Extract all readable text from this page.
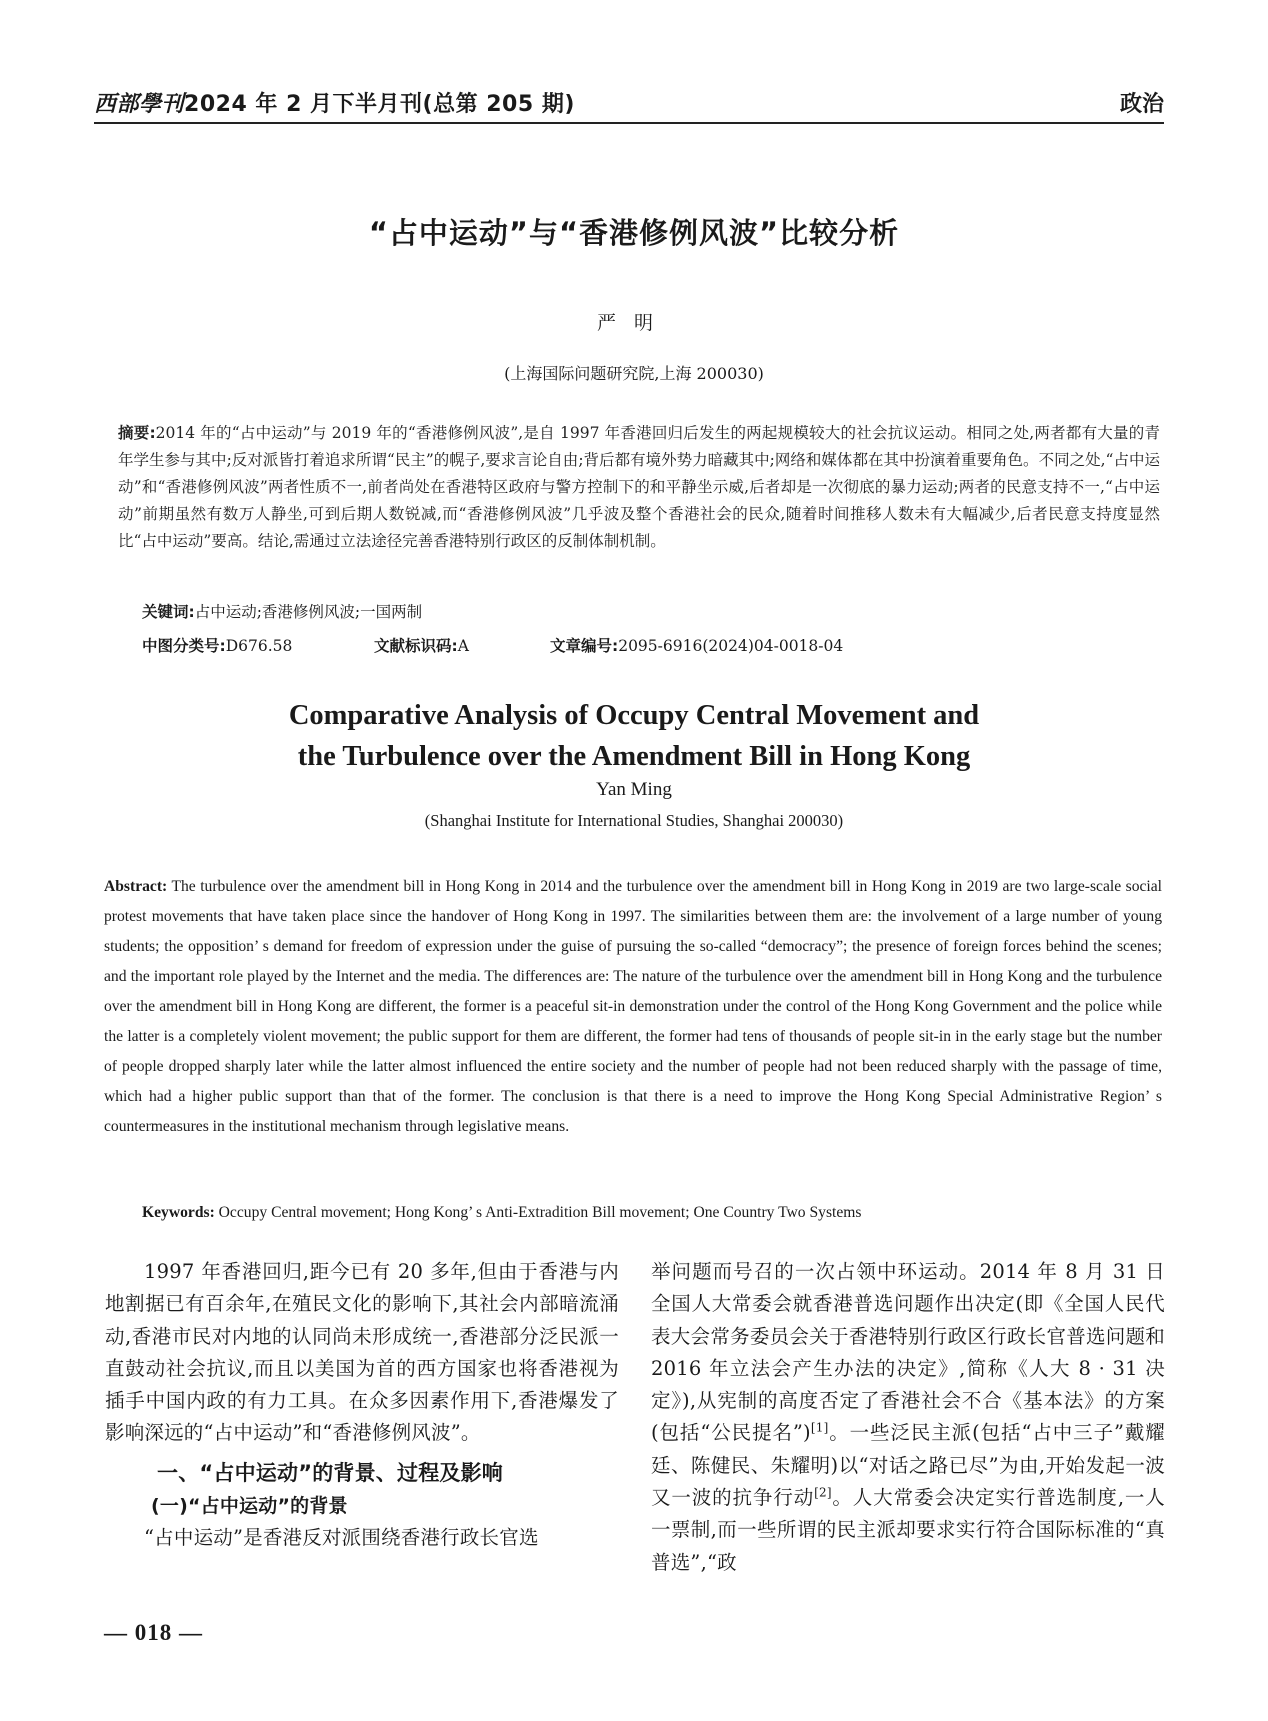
西部學刊2024 年 2 月下半月刊(总第 205 期)	政治
“占中运动”与“香港修例风波”比较分析
严明
(上海国际问题研究院,上海 200030)
摘要:2014 年的“占中运动”与 2019 年的“香港修例风波”,是自 1997 年香港回归后发生的两起规模较大的社会抗议运动。相同之处,两者都有大量的青年学生参与其中;反对派皆打着追求所谓“民主”的幌子,要求言论自由;背后都有境外势力暗藏其中;网络和媒体都在其中扮演着重要角色。不同之处,“占中运动”和“香港修例风波”两者性质不一,前者尚处在香港特区政府与警方控制下的和平静坐示威,后者却是一次彻底的暴力运动;两者的民意支持不一,“占中运动”前期虽然有数万人静坐,可到后期人数锐减,而“香港修例风波”几乎波及整个香港社会的民众,随着时间推移人数未有大幅减少,后者民意支持度显然比“占中运动”要高。结论,需通过立法途径完善香港特别行政区的反制体制机制。
关键词:占中运动;香港修例风波;一国两制
中图分类号:D676.58	文献标识码:A	文章编号:2095-6916(2024)04-0018-04
Comparative Analysis of Occupy Central Movement and
the Turbulence over the Amendment Bill in Hong Kong
Yan Ming
(Shanghai Institute for International Studies, Shanghai 200030)
Abstract: The turbulence over the amendment bill in Hong Kong in 2014 and the turbulence over the amendment bill in Hong Kong in 2019 are two large-scale social protest movements that have taken place since the handover of Hong Kong in 1997. The similarities between them are: the involvement of a large number of young students; the opposition’ s demand for freedom of expression under the guise of pursuing the so-called “democracy”; the presence of foreign forces behind the scenes; and the important role played by the Internet and the media. The differences are: The nature of the turbulence over the amendment bill in Hong Kong and the turbulence over the amendment bill in Hong Kong are different, the former is a peaceful sit-in demonstration under the control of the Hong Kong Government and the police while the latter is a completely violent movement; the public support for them are different, the former had tens of thousands of people sit-in in the early stage but the number of people dropped sharply later while the latter almost influenced the entire society and the number of people had not been reduced sharply with the passage of time, which had a higher public support than that of the former. The conclusion is that there is a need to improve the Hong Kong Special Administrative Region’ s countermeasures in the institutional mechanism through legislative means.
Keywords: Occupy Central movement; Hong Kong’ s Anti-Extradition Bill movement; One Country Two Systems

1997 年香港回归,距今已有 20 多年,但由于香港与内地割据已有百余年,在殖民文化的影响下,其社会内部暗流涌动,香港市民对内地的认同尚未形成统一,香港部分泛民派一直鼓动社会抗议,而且以美国为首的西方国家也将香港视为插手中国内政的有力工具。在众多因素作用下,香港爆发了影响深远的“占中运动”和“香港修例风波”。

一、“占中运动”的背景、过程及影响
(一)“占中运动”的背景

“占中运动”是香港反对派围绕香港行政长官选

举问题而号召的一次占领中环运动。2014 年 8 月 31 日全国人大常委会就香港普选问题作出决定(即《全国人民代表大会常务委员会关于香港特别行政区行政长官普选问题和 2016 年立法会产生办法的决定》,简称《人大 8 · 31 决定》),从宪制的高度否定了香港社会不合《基本法》的方案(包括“公民提名”)[1]。一些泛民主派(包括“占中三子”戴耀廷、陈健民、朱耀明)以“对话之路已尽”为由,开始发起一波又一波的抗争行动[2]。人大常委会决定实行普选制度,一人一票制,而一些所谓的民主派却要求实行符合国际标准的“真普选”,“政

— 018 —
